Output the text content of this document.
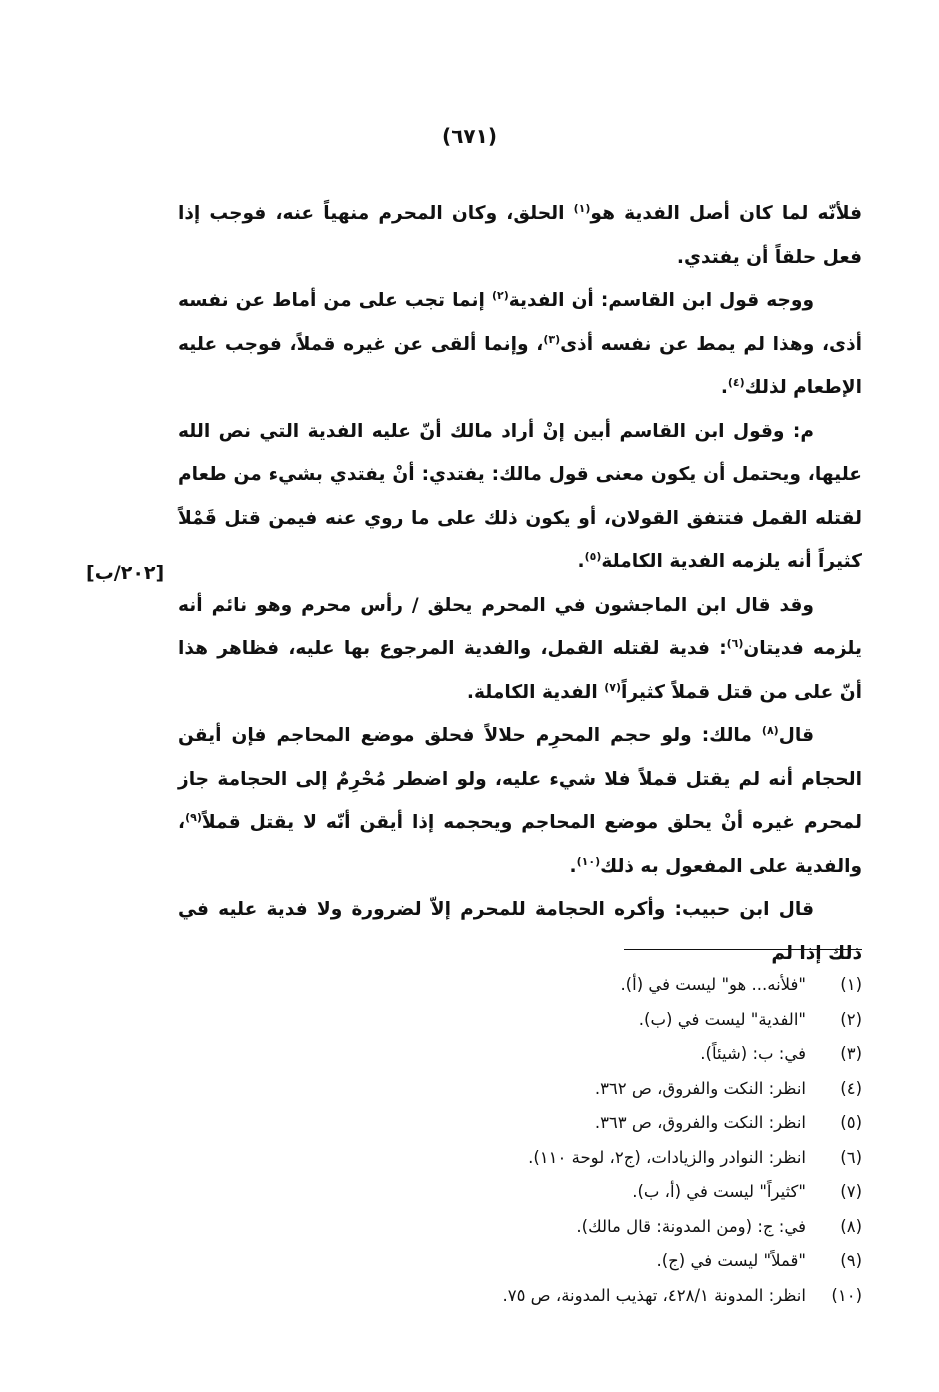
(٦٧١)

فلأنّه لما كان أصل الفدية هو$^{(١)}$ الحلق، وكان المحرم منهياً عنه، فوجب إذا فعل حلقاً أن يفتدي.

ووجه قول ابن القاسم: أن الفدية$^{(٢)}$ إنما تجب على من أماط عن نفسه أذى، وهذا لم يمط عن نفسه أذى$^{(٣)}$، وإنما ألقى عن غيره قملاً، فوجب عليه الإطعام لذلك$^{(٤)}$.

م: وقول ابن القاسم أبين إنْ أراد مالك أنّ عليه الفدية التي نص الله عليها، ويحتمل أن يكون معنى قول مالك: يفتدي: أنْ يفتدي بشيء من طعام لقتله القمل فتتفق القولان، أو يكون ذلك على ما روي عنه فيمن قتل قَمْلاً كثيراً أنه يلزمه الفدية الكاملة$^{(٥)}$.

وقد قال ابن الماجشون في المحرم يحلق / رأس محرم وهو نائم أنه يلزمه فديتان$^{(٦)}$: فدية لقتله القمل، والفدية المرجوع بها عليه، فظاهر هذا أنّ على من قتل قملاً كثيراً$^{(٧)}$ الفدية الكاملة.

قال$^{(٨)}$ مالك: ولو حجم المحرِم حلالاً فحلق موضع المحاجم فإن أيقن الحجام أنه لم يقتل قملاً فلا شيء عليه، ولو اضطر مُحْرِمٌ إلى الحجامة جاز لمحرم غيره أنْ يحلق موضع المحاجم ويحجمه إذا أيقن أنّه لا يقتل قملاً$^{(٩)}$، والفدية على المفعول به ذلك$^{(١٠)}$.

قال ابن حبيب: وأكره الحجامة للمحرم إلاّ لضرورة ولا فدية عليه في ذلك إذا لم

[٢٠٢/ب]
(١)
"فلأنه... هو" ليست في (أ).
(٢)
"الفدية" ليست في (ب).
(٣)
في: ب: (شيئاً).
(٤)
انظر: النكت والفروق، ص ٣٦٢.
(٥)
انظر: النكت والفروق، ص ٣٦٣.
(٦)
انظر: النوادر والزيادات، (ج٢، لوحة ١١٠).
(٧)
"كثيراً" ليست في (أ، ب).
(٨)
في: ج: (ومن المدونة: قال مالك).
(٩)
"قملاً" ليست في (ج).
(١٠)
انظر: المدونة ٤٢٨/١، تهذيب المدونة، ص ٧٥.
